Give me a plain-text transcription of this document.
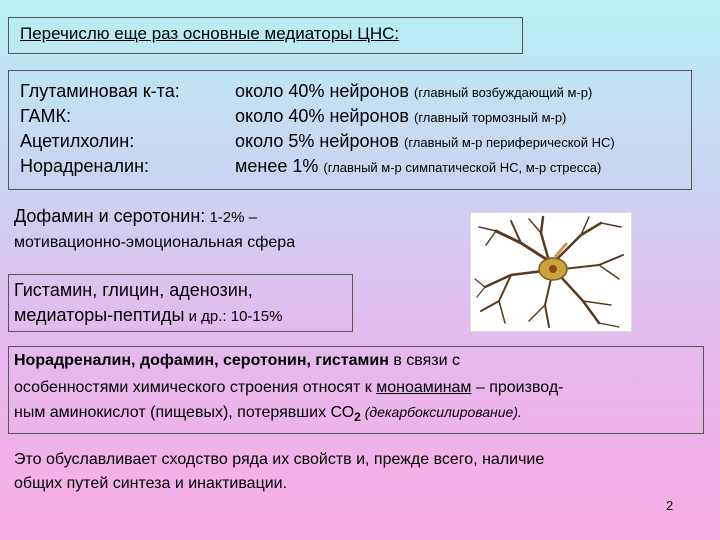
Перечислю еще раз основные медиаторы ЦНС:
Глутаминовая к-та:	около 40% нейронов (главный возбуждающий м-р)
ГАМК:	около 40% нейронов (главный тормозный м-р)
Ацетилхолин:	около 5% нейронов (главный м-р периферической НС)
Норадреналин:	менее 1% (главный м-р симпатической НС, м-р стресса)
Дофамин и серотонин: 1-2% –
мотивационно-эмоциональная сфера
Гистамин, глицин, аденозин,
медиаторы-пептиды и др.: 10-15%
Норадреналин, дофамин, серотонин, гистамин в связи с
особенностями химического строения относят к моноаминам – производ-
ным аминокислот (пищевых), потерявших $СО_2$ (декарбоксилирование).
Это обуславливает сходство ряда их свойств и, прежде всего, наличие
общих путей синтеза и инактивации.
2
